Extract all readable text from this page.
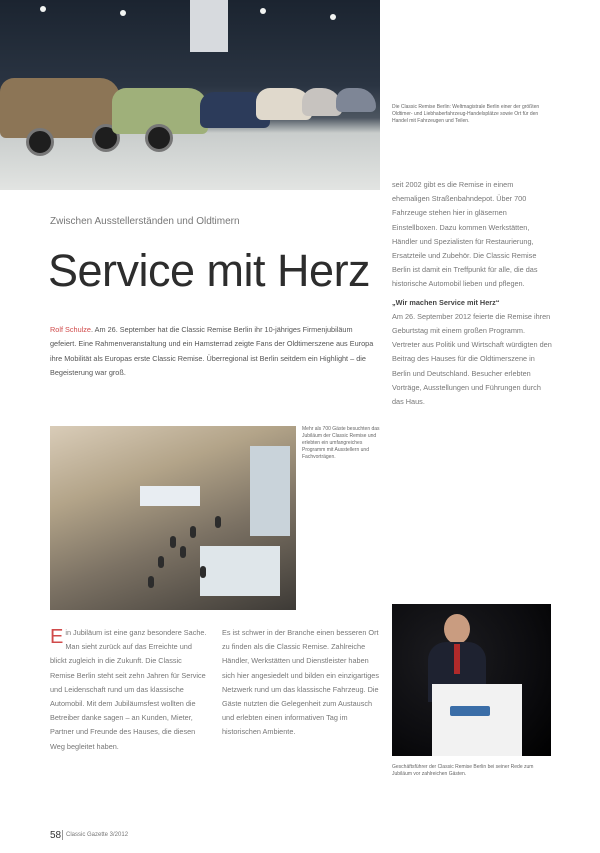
Die Classic Remise Berlin: Weltmagistrale Berlin einer der größten Oldtimer- und Liebhaberfahrzeug-Handelsplätze sowie Ort für den Handel mit Fahrzeugen und Teilen.
Zwischen Ausstellerständen und Oldtimern
Service mit Herz
Rolf Schulze. Am 26. September hat die Classic Remise Berlin ihr 10-jähriges Firmenjubiläum gefeiert. Eine Rahmenveranstaltung und ein Hamsterrad zeigte Fans der Oldtimerszene aus Europa ihre Mobilität als Europas erste Classic Remise. Überregional ist Berlin seitdem ein Highlight – die Begeisterung war groß.
Mehr als 700 Gäste besuchten das Jubiläum der Classic Remise und erlebten ein umfangreiches Programm mit Ausstellern und Fachvorträgen.

seit 2002 gibt es die Remise in einem ehemaligen Straßenbahndepot. Über 700 Fahrzeuge stehen hier in gläsernen Einstellboxen. Dazu kommen Werkstätten, Händler und Spezialisten für Restaurierung, Ersatzteile und Zubehör. Die Classic Remise Berlin ist damit ein Treffpunkt für alle, die das historische Automobil lieben und pflegen.

„Wir machen Service mit Herz“

Am 26. September 2012 feierte die Remise ihren Geburtstag mit einem großen Programm. Vertreter aus Politik und Wirtschaft würdigten den Beitrag des Hauses für die Oldtimerszene in Berlin und Deutschland. Besucher erlebten Vorträge, Ausstellungen und Führungen durch das Haus.

Ein Jubiläum ist eine ganz besondere Sache. Man sieht zurück auf das Erreichte und blickt zugleich in die Zukunft. Die Classic Remise Berlin steht seit zehn Jahren für Service und Leidenschaft rund um das klassische Automobil. Mit dem Jubiläumsfest wollten die Betreiber danke sagen – an Kunden, Mieter, Partner und Freunde des Hauses, die diesen Weg begleitet haben.
Es ist schwer in der Branche einen besseren Ort zu finden als die Classic Remise. Zahlreiche Händler, Werkstätten und Dienstleister haben sich hier angesiedelt und bilden ein einzigartiges Netzwerk rund um das klassische Fahrzeug. Die Gäste nutzten die Gelegenheit zum Austausch und erlebten einen informativen Tag im historischen Ambiente.
Geschäftsführer der Classic Remise Berlin bei seiner Rede zum Jubiläum vor zahlreichen Gästen.
58 Classic Gazette 3/2012
